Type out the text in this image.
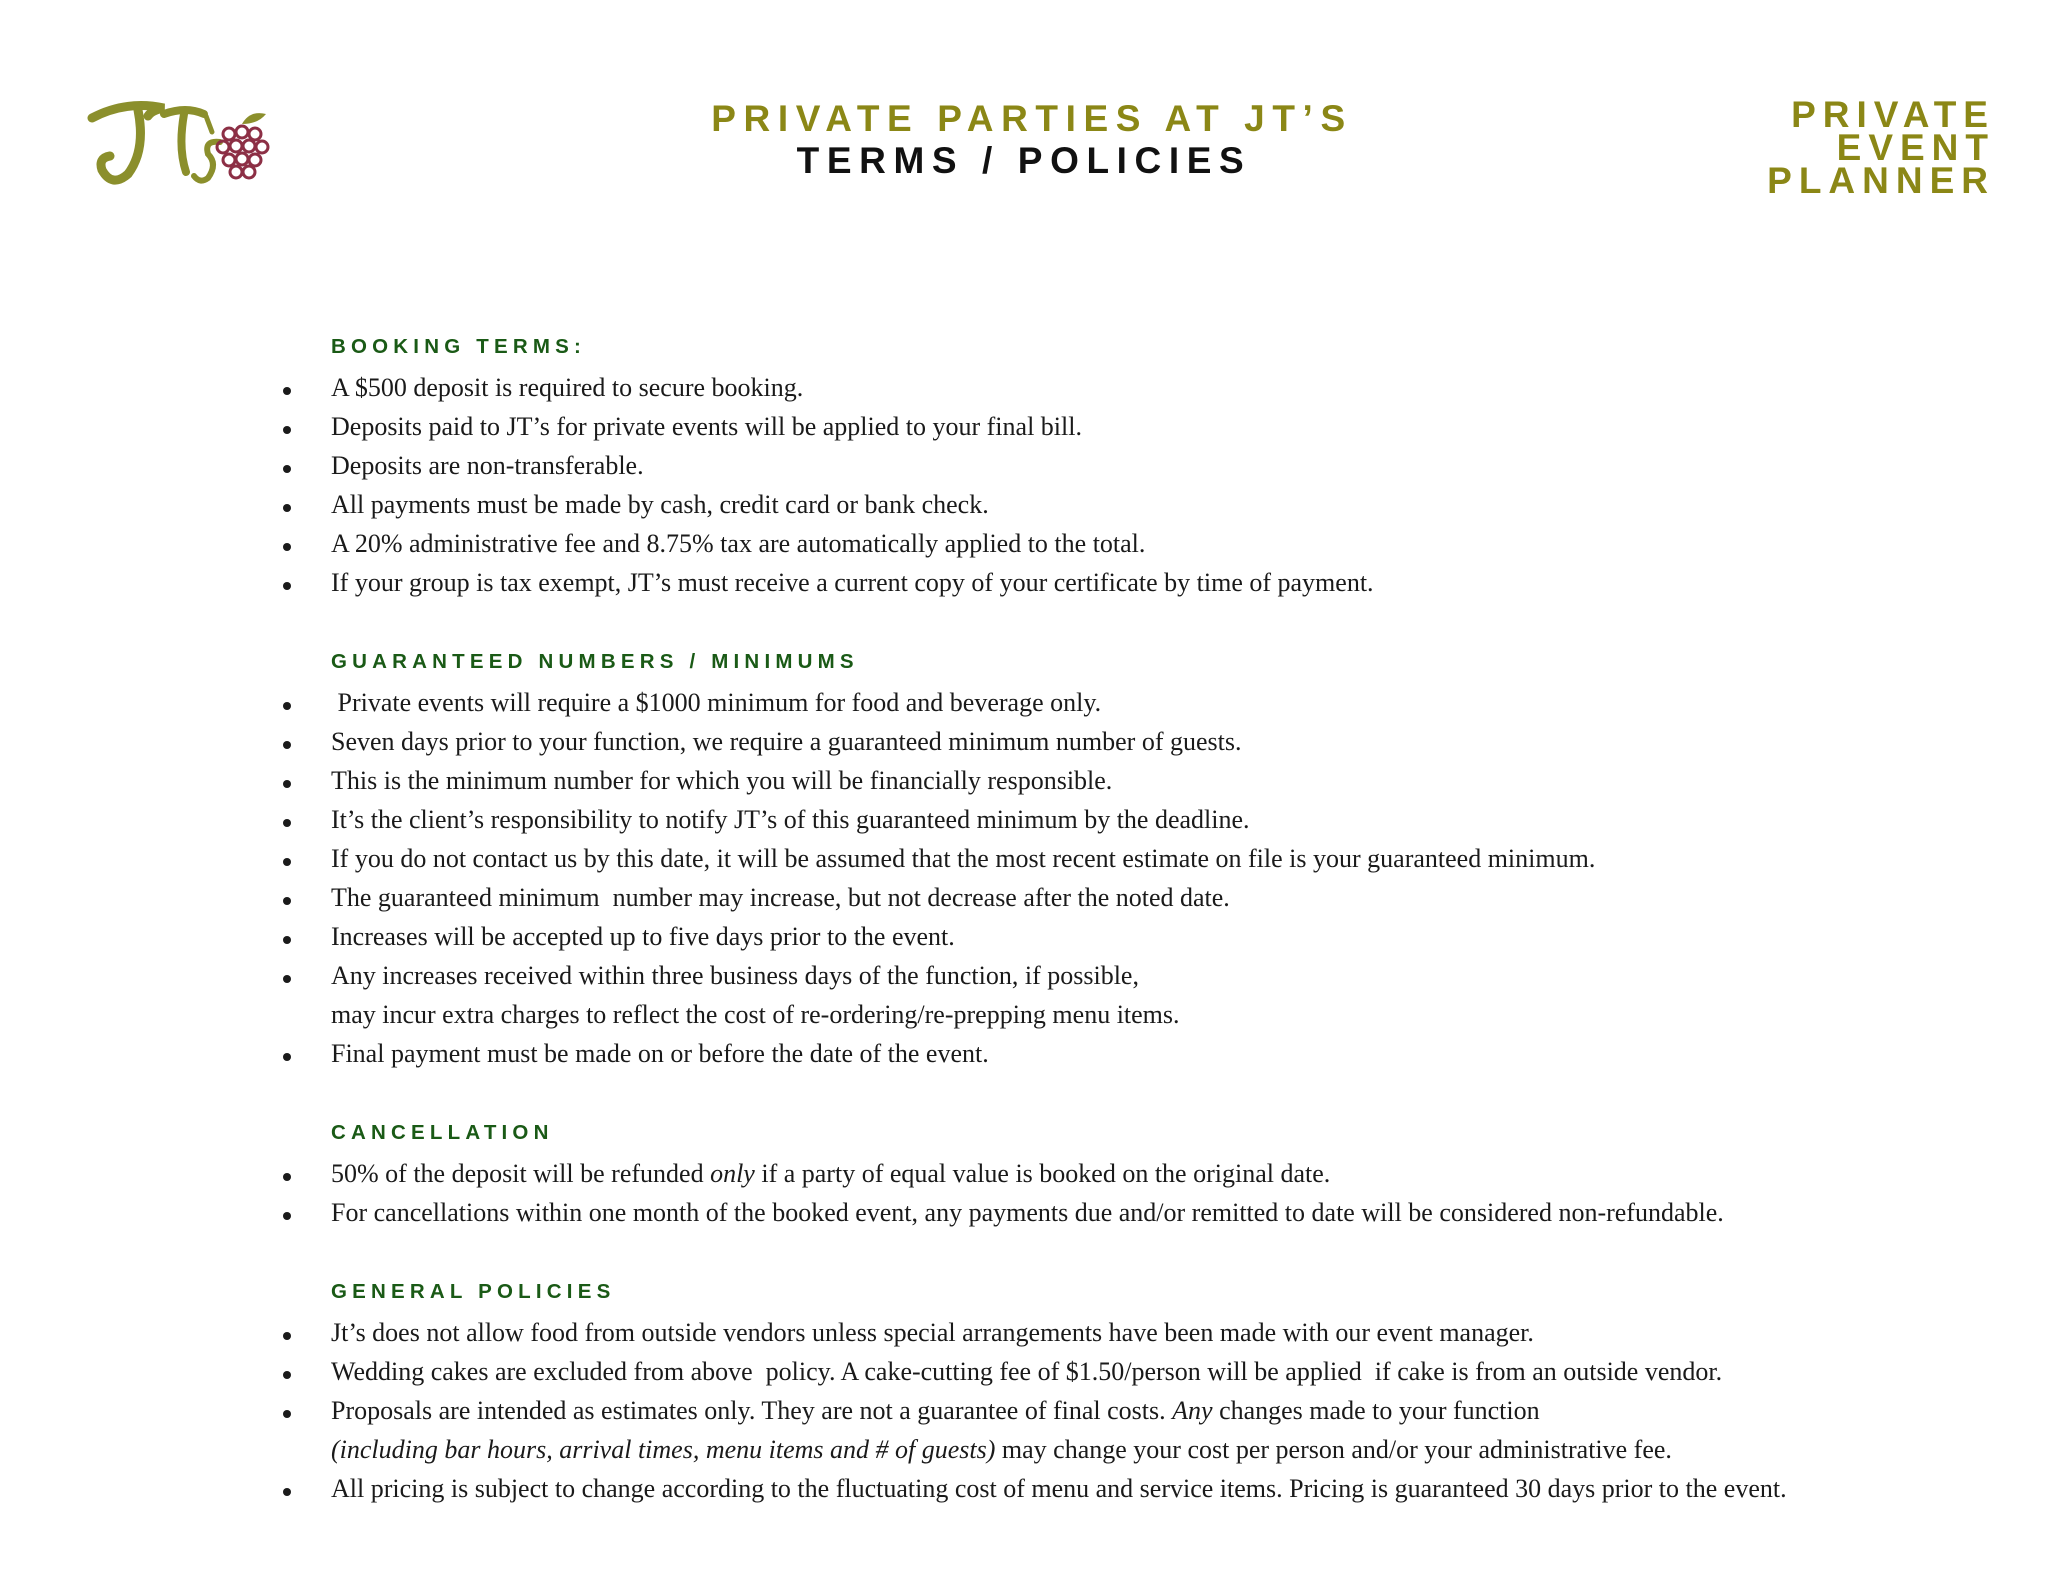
PRIVATE PARTIES AT JT’S
TERMS / POLICIES
PRIVATE
EVENT
PLANNER
BOOKING TERMS:
A $500 deposit is required to secure booking.
Deposits paid to JT’s for private events will be applied to your final bill.
Deposits are non-transferable.
All payments must be made by cash, credit card or bank check.
A 20% administrative fee and 8.75% tax are automatically applied to the total.
If your group is tax exempt, JT’s must receive a current copy of your certificate by time of payment.
GUARANTEED NUMBERS / MINIMUMS
Private events will require a $1000 minimum for food and beverage only.
Seven days prior to your function, we require a guaranteed minimum number of guests.
This is the minimum number for which you will be financially responsible.
It’s the client’s responsibility to notify JT’s of this guaranteed minimum by the deadline.
If you do not contact us by this date, it will be assumed that the most recent estimate on file is your guaranteed minimum.
The guaranteed minimum  number may increase, but not decrease after the noted date.
Increases will be accepted up to five days prior to the event.
Any increases received within three business days of the function, if possible,
may incur extra charges to reflect the cost of re-ordering/re-prepping menu items.
Final payment must be made on or before the date of the event.
CANCELLATION
50% of the deposit will be refunded only if a party of equal value is booked on the original date.
For cancellations within one month of the booked event, any payments due and/or remitted to date will be considered non-refundable.
GENERAL POLICIES
Jt’s does not allow food from outside vendors unless special arrangements have been made with our event manager.
Wedding cakes are excluded from above  policy. A cake-cutting fee of $1.50/person will be applied  if cake is from an outside vendor.
Proposals are intended as estimates only. They are not a guarantee of final costs. Any changes made to your function
(including bar hours, arrival times, menu items and # of guests) may change your cost per person and/or your administrative fee.
All pricing is subject to change according to the fluctuating cost of menu and service items. Pricing is guaranteed 30 days prior to the event.
